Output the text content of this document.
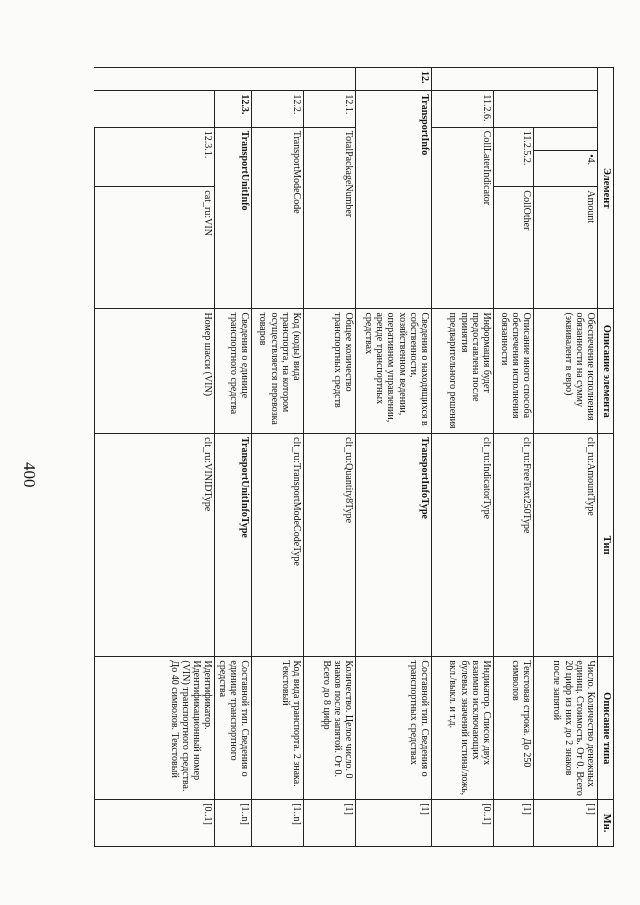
400
Элемент					Описание элемента	Тип	Описание типа	Мн.
			•4.	Amount	Обеспечение исполнения обязанности на сумму (эквивалент в евро)	clt_ru:AmountType	Число. Количество денежных единиц. Стоимость. От 0. Всего 20 цифр из них до 2 знаков после запятой	[1]
		11.2.5.2.		CollOther	Описание иного способа обеспечения исполнения обязанности	clt_ru:FreeText250Type	Текстовая строка. До 250 символов	[1]
	11.2.6.	CollLaterIndicator			Информация будет предоставлена после принятия предварительного решения	clt_ru:IndicatorType	Индикатор. Список двух взаимно исключающих булевых значений истина/ложь, вкл./выкл. и т.д.	[0..1]
12.	TransportInfo				Сведения о находящихся в собственности, хозяйственном ведении, оперативном управлении, аренде транспортных средствах	TransportInfoType	Составной тип. Сведения о транспортных средствах	[1]
	12.1.	TotalPackageNumber			Общее количество транспортных средств	clt_ru:Quantity8Type	Количество. Целое число. 0 знаков после запятой. От 0. Всего до 8 цифр	[1]
	12.2.	TransportModeCode			Код (коды) вида транспорта, на котором осуществляется перевозка товаров	clt_ru:TransportModeCodeType	Код вида транспорта. 2 знака. Текстовый	[1..n]
	12.3.	TransportUnitInfo			Сведения о единице транспортного средства	TransportUnitInfoType	Составной тип. Сведения о единице транспортного средства	[1..n]
		12.3.1.		cat_ru:VIN	Номер шасси (VIN)	clt_ru:VINIDType	Идентификатор. Идентификационный номер (VIN) транспортного средства. До 40 символов. Текстовый	[0..1]
